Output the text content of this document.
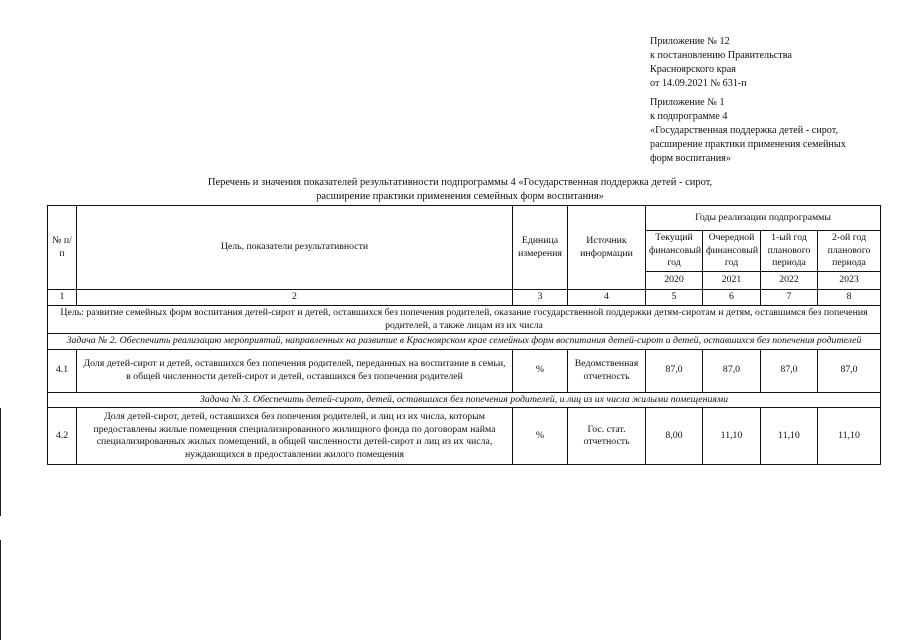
Приложение № 12
к постановлению Правительства
Красноярского края
от 14.09.2021 № 631-п
Приложение № 1
к подпрограмме 4
«Государственная поддержка детей - сирот,
расширение практики применения семейных
форм воспитания»
Перечень и значения показателей результативности подпрограммы 4 «Государственная поддержка детей - сирот,
расширение практики применения семейных форм воспитания»
№ п/п	Цель, показатели результативности	Единица измерения	Источник информации	Годы реализации подпрограммы			
				Текущий финансовый год	Очередной финансовый год	1-ый год планового периода	2-ой год планового периода
				2020	2021	2022	2023
1	2	3	4	5	6	7	8
Цель: развитие семейных форм воспитания детей-сирот и детей, оставшихся без попечения родителей, оказание государственной поддержки детям-сиротам и детям, оставшимся без попечения родителей, а также лицам из их числа							
Задача № 2. Обеспечить реализацию мероприятий, направленных на развитие в Красноярском крае семейных форм воспитания детей-сирот и детей, оставшихся без попечения родителей							
4.1	Доля детей-сирот и детей, оставшихся без попечения родителей, переданных на воспитание в семьи, в общей численности детей-сирот и детей, оставшихся без попечения родителей	%	Ведомственная отчетность	87,0	87,0	87,0	87,0
Задача № 3. Обеспечить детей-сирот, детей, оставшихся без попечения родителей, и лиц из их числа жилыми помещениями							
4.2	Доля детей-сирот, детей, оставшихся без попечения родителей, и лиц из их числа, которым предоставлены жилые помещения специализированного жилищного фонда по договорам найма специализированных жилых помещений, в общей численности детей-сирот и лиц из их числа, нуждающихся в предоставлении жилого помещения	%	Гос. стат. отчетность	8,00	11,10	11,10	11,10
